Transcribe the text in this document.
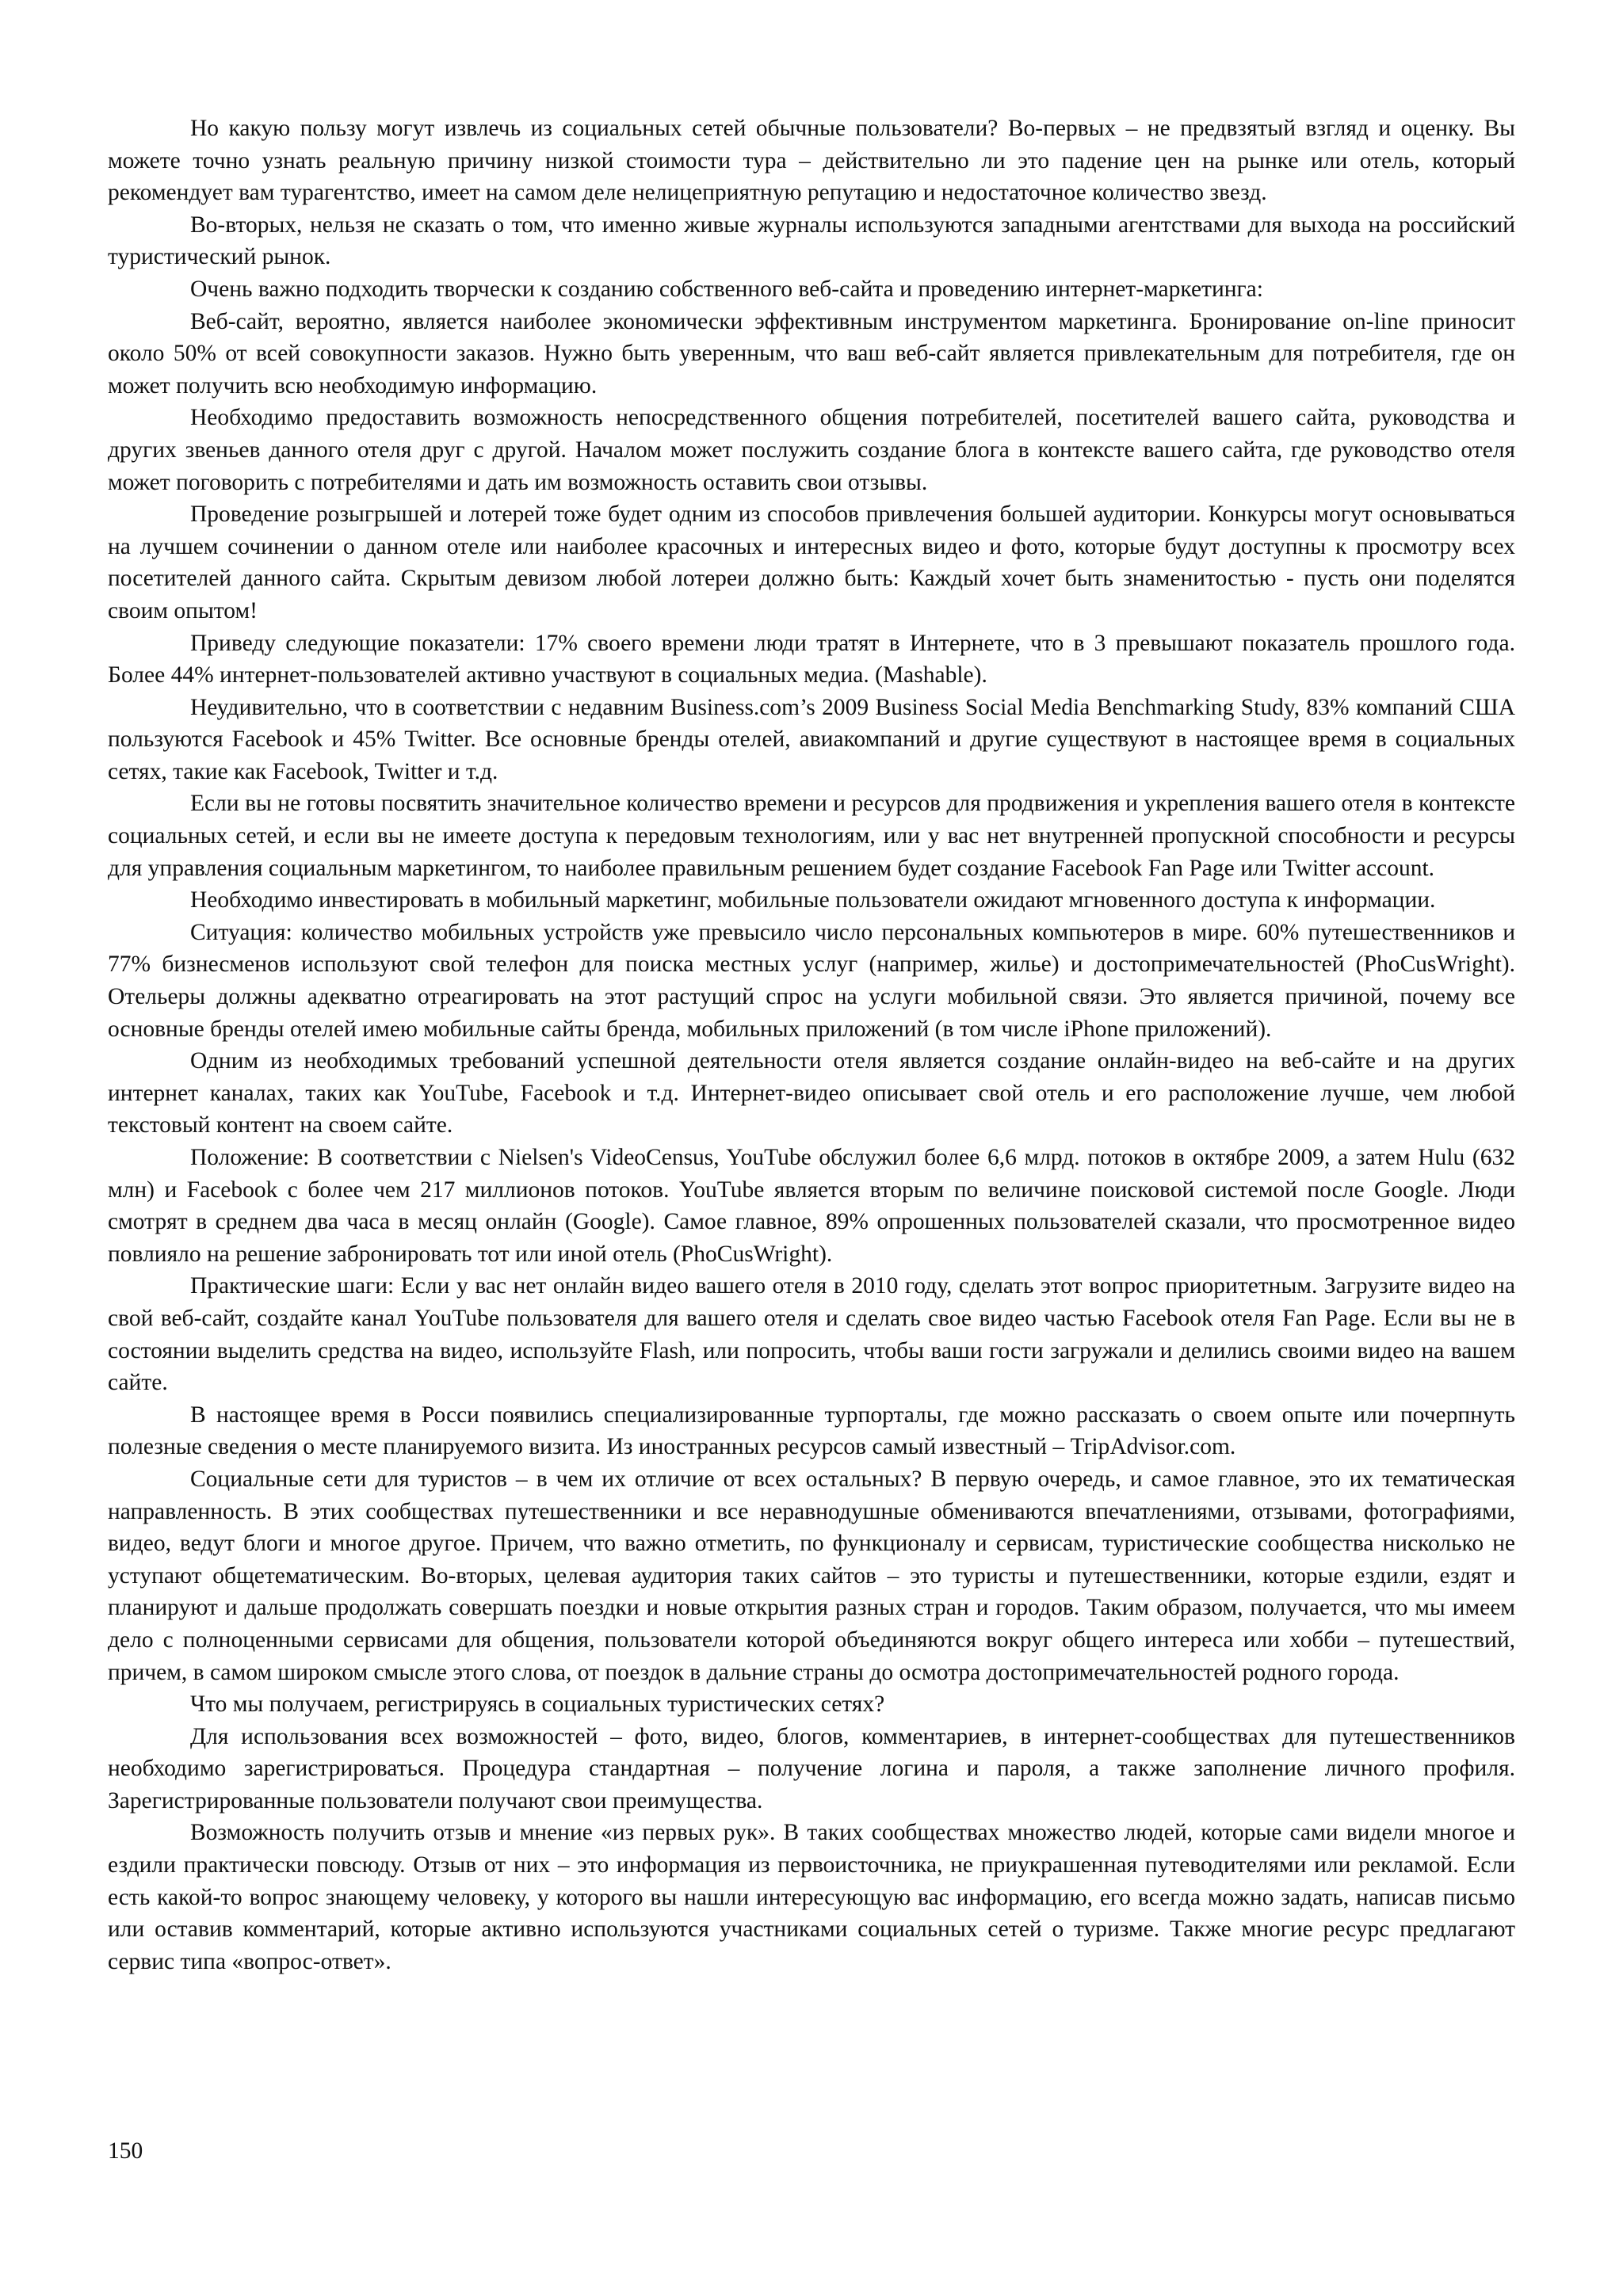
Но какую пользу могут извлечь из социальных сетей обычные пользователи? Во-первых – не предвзятый взгляд и оценку. Вы можете точно узнать реальную причину низкой стоимости тура – действительно ли это падение цен на рынке или отель, который рекомендует вам турагентство, имеет на самом деле нелицеприятную репутацию и недостаточное количество звезд.

Во-вторых, нельзя не сказать о том, что именно живые журналы используются западными агентствами для выхода на российский туристический рынок.

Очень важно подходить творчески к созданию собственного веб-сайта и проведению интернет-маркетинга:

Веб-сайт, вероятно, является наиболее экономически эффективным инструментом маркетинга. Бронирование on-line приносит около 50% от всей совокупности заказов. Нужно быть уверенным, что ваш веб-сайт является привлекательным для потребителя, где он может получить всю необходимую информацию.

Необходимо предоставить возможность непосредственного общения потребителей, посетителей вашего сайта, руководства и других звеньев данного отеля друг с другой. Началом может послужить создание блога в контексте вашего сайта, где руководство отеля может поговорить с потребителями и дать им возможность оставить свои отзывы.

Проведение розыгрышей и лотерей тоже будет одним из способов привлечения большей аудитории. Конкурсы могут основываться на лучшем сочинении о данном отеле или наиболее красочных и интересных видео и фото, которые будут доступны к просмотру всех посетителей данного сайта. Скрытым девизом любой лотереи должно быть: Каждый хочет быть знаменитостью - пусть они поделятся своим опытом!

Приведу следующие показатели: 17% своего времени люди тратят в Интернете, что в 3 превышают показатель прошлого года. Более 44% интернет-пользователей активно участвуют в социальных медиа. (Mashable).

Неудивительно, что в соответствии с недавним Business.com’s 2009 Business Social Media Benchmarking Study, 83% компаний США пользуются Facebook и 45% Twitter. Все основные бренды отелей, авиакомпаний и другие существуют в настоящее время в социальных сетях, такие как Facebook, Twitter и т.д.

Если вы не готовы посвятить значительное количество времени и ресурсов для продвижения и укрепления вашего отеля в контексте социальных сетей, и если вы не имеете доступа к передовым технологиям, или у вас нет внутренней пропускной способности и ресурсы для управления социальным маркетингом, то наиболее правильным решением будет создание Facebook Fan Page или Twitter account.

Необходимо инвестировать в мобильный маркетинг, мобильные пользователи ожидают мгновенного доступа к информации.

Ситуация: количество мобильных устройств уже превысило число персональных компьютеров в мире. 60% путешественников и 77% бизнесменов используют свой телефон для поиска местных услуг (например, жилье) и достопримечательностей (PhoCusWright). Отельеры должны адекватно отреагировать на этот растущий спрос на услуги мобильной связи. Это является причиной, почему все основные бренды отелей имею мобильные сайты бренда, мобильных приложений (в том числе iPhone приложений).

Одним из необходимых требований успешной деятельности отеля является создание онлайн-видео на веб-сайте и на других интернет каналах, таких как YouTube, Facebook и т.д. Интернет-видео описывает свой отель и его расположение лучше, чем любой текстовый контент на своем сайте.

Положение: В соответствии с Nielsen's VideoCensus, YouTube обслужил более 6,6 млрд. потоков в октябре 2009, а затем Hulu (632 млн) и Facebook с более чем 217 миллионов потоков. YouTube является вторым по величине поисковой системой после Google. Люди смотрят в среднем два часа в месяц онлайн (Google). Самое главное, 89% опрошенных пользователей сказали, что просмотренное видео повлияло на решение забронировать тот или иной отель (PhoCusWright).

Практические шаги: Если у вас нет онлайн видео вашего отеля в 2010 году, сделать этот вопрос приоритетным. Загрузите видео на свой веб-сайт, создайте канал YouTube пользователя для вашего отеля и сделать свое видео частью Facebook отеля Fan Page. Если вы не в состоянии выделить средства на видео, используйте Flash, или попросить, чтобы ваши гости загружали и делились своими видео на вашем сайте.

В настоящее время в Росси появились специализированные турпорталы, где можно рассказать о своем опыте или почерпнуть полезные сведения о месте планируемого визита. Из иностранных ресурсов самый известный – TripAdvisor.com.

Социальные сети для туристов – в чем их отличие от всех остальных? В первую очередь, и самое главное, это их тематическая направленность. В этих сообществах путешественники и все неравнодушные обмениваются впечатлениями, отзывами, фотографиями, видео, ведут блоги и многое другое. Причем, что важно отметить, по функционалу и сервисам, туристические сообщества нисколько не уступают общетематическим. Во-вторых, целевая аудитория таких сайтов – это туристы и путешественники, которые ездили, ездят и планируют и дальше продолжать совершать поездки и новые открытия разных стран и городов. Таким образом, получается, что мы имеем дело с полноценными сервисами для общения, пользователи которой объединяются вокруг общего интереса или хобби – путешествий, причем, в самом широком смысле этого слова, от поездок в дальние страны до осмотра достопримечательностей родного города.

Что мы получаем, регистрируясь в социальных туристических сетях?

Для использования всех возможностей – фото, видео, блогов, комментариев, в интернет-сообществах для путешественников необходимо зарегистрироваться. Процедура стандартная – получение логина и пароля, а также заполнение личного профиля. Зарегистрированные пользователи получают свои преимущества.

Возможность получить отзыв и мнение «из первых рук». В таких сообществах множество людей, которые сами видели многое и ездили практически повсюду. Отзыв от них – это информация из первоисточника, не приукрашенная путеводителями или рекламой. Если есть какой-то вопрос знающему человеку, у которого вы нашли интересующую вас информацию, его всегда можно задать, написав письмо или оставив комментарий, которые активно используются участниками социальных сетей о туризме. Также многие ресурс предлагают сервис типа «вопрос-ответ».

150
